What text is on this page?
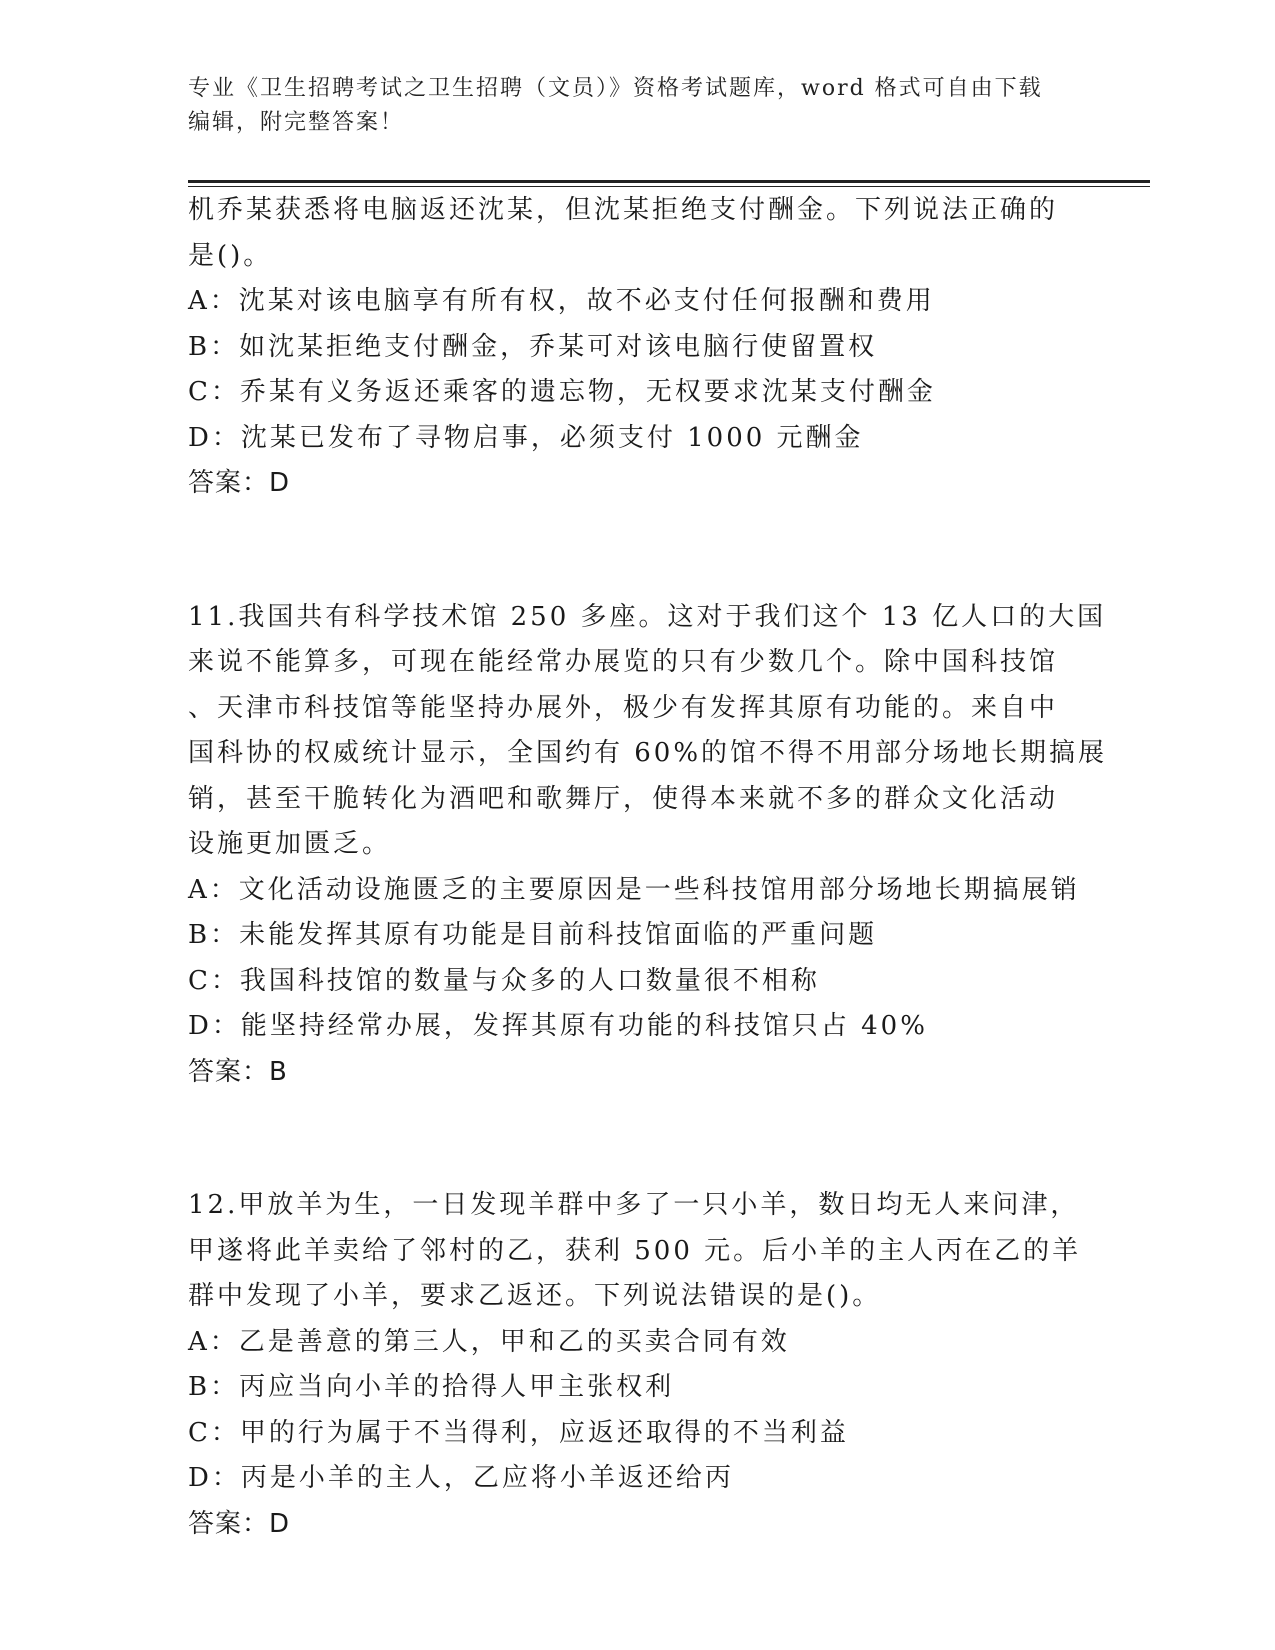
专业《卫生招聘考试之卫生招聘（文员）》资格考试题库，word 格式可自由下载
编辑，附完整答案！
机乔某获悉将电脑返还沈某，但沈某拒绝支付酬金。下列说法正确的
是()。
A：沈某对该电脑享有所有权，故不必支付任何报酬和费用
B：如沈某拒绝支付酬金，乔某可对该电脑行使留置权
C：乔某有义务返还乘客的遗忘物，无权要求沈某支付酬金
D：沈某已发布了寻物启事，必须支付 1000 元酬金
答案：D
11.我国共有科学技术馆 250 多座。这对于我们这个 13 亿人口的大国
来说不能算多，可现在能经常办展览的只有少数几个。除中国科技馆
、天津市科技馆等能坚持办展外，极少有发挥其原有功能的。来自中
国科协的权威统计显示，全国约有 60%的馆不得不用部分场地长期搞展
销，甚至干脆转化为酒吧和歌舞厅，使得本来就不多的群众文化活动
设施更加匮乏。
A：文化活动设施匮乏的主要原因是一些科技馆用部分场地长期搞展销
B：未能发挥其原有功能是目前科技馆面临的严重问题
C：我国科技馆的数量与众多的人口数量很不相称
D：能坚持经常办展，发挥其原有功能的科技馆只占 40%
答案：B
12.甲放羊为生，一日发现羊群中多了一只小羊，数日均无人来问津，
甲遂将此羊卖给了邻村的乙，获利 500 元。后小羊的主人丙在乙的羊
群中发现了小羊，要求乙返还。下列说法错误的是()。
A：乙是善意的第三人，甲和乙的买卖合同有效
B：丙应当向小羊的拾得人甲主张权利
C：甲的行为属于不当得利，应返还取得的不当利益
D：丙是小羊的主人，乙应将小羊返还给丙
答案：D
